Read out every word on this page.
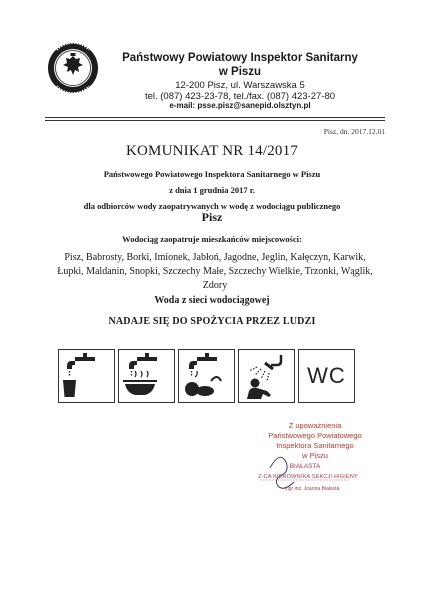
Państwowy Powiatowy Inspektor Sanitarny
w Piszu
12-200 Pisz, ul. Warszawska 5
tel. (087) 423-23-78, tel./fax. (087) 423-27-80
e-mail: psse.pisz@sanepid.olsztyn.pl
Pisz, dn. 2017.12.01
KOMUNIKAT NR 14/2017
Państwowego Powiatowego Inspektora Sanitarnego w Piszu
z dnia 1 grudnia 2017 r.
dla odbiorców wody zaopatrywanych w wodę z wodociągu publicznego
Pisz
Wodociąg zaopatruje mieszkańców miejscowości:
Pisz, Babrosty, Borki, Imionek, Jabłoń, Jagodne, Jeglin, Kałęczyn, Karwik, Łupki, Maldanin, Snopki, Szczechy Małe, Szczechy Wielkie, Trzonki, Wąglik, Zdory
Woda z sieci wodociągowej
NADAJE SIĘ DO SPOŻYCIA PRZEZ LUDZI
WC
Z upoważnienia
Państwowego Powiatowego
Inspektora Sanitarnego
w Piszu
BIAŁASTA
Z-CA KIEROWNIKA SEKCJI HIGIENY
mgr inż. Joanna Białasta
